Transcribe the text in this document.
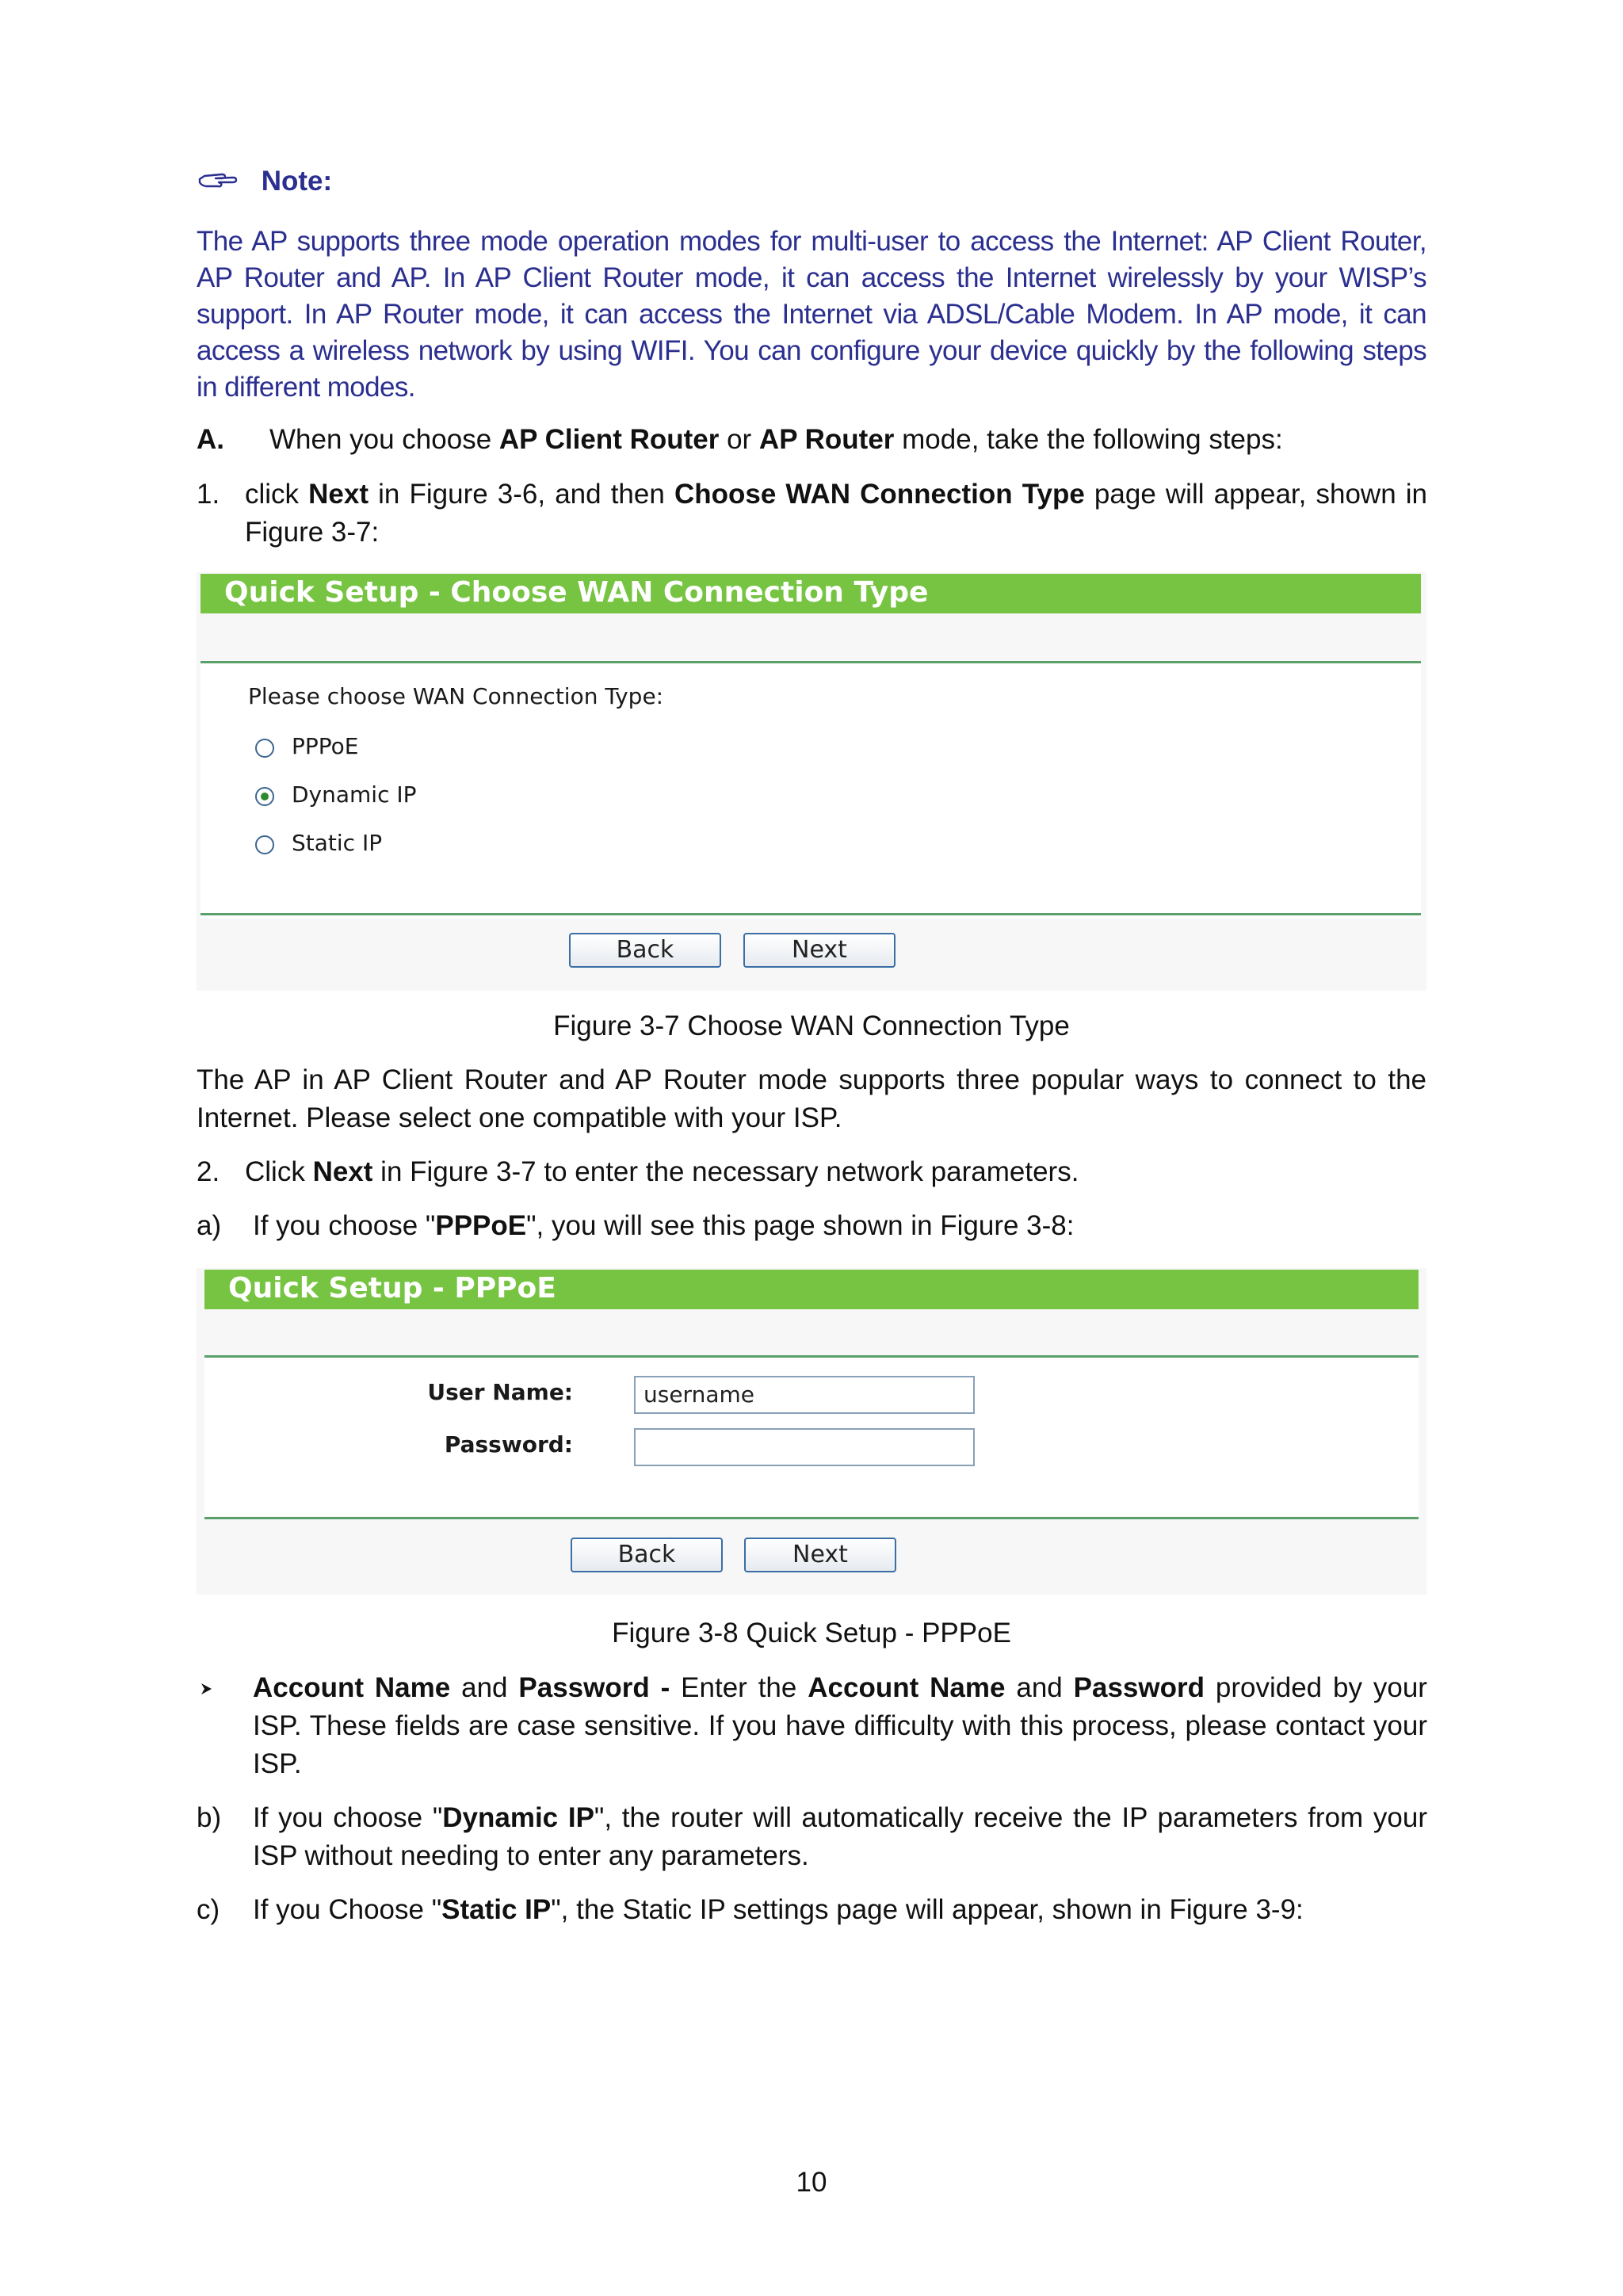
Note:
The AP supports three mode operation modes for multi-user to access the Internet: AP Client Router, AP Router and AP. In AP Client Router mode, it can access the Internet wirelessly by your WISP’s support. In AP Router mode, it can access the Internet via ADSL/Cable Modem. In AP mode, it can access a wireless network by using WIFI. You can configure your device quickly by the following steps in different modes.
A. When you choose AP Client Router or AP Router mode, take the following steps:
1. click Next in Figure 3-6, and then Choose WAN Connection Type page will appear, shown in Figure 3-7:
Quick Setup - Choose WAN Connection Type
Please choose WAN Connection Type:
PPPoE
Dynamic IP
Static IP
Back	Next
Figure 3-7 Choose WAN Connection Type
The AP in AP Client Router and AP Router mode supports three popular ways to connect to the Internet. Please select one compatible with your ISP.
2. Click Next in Figure 3-7 to enter the necessary network parameters.
a) If you choose "PPPoE", you will see this page shown in Figure 3-8:
Quick Setup - PPPoE
User Name:	username
Password:
Back	Next
Figure 3-8 Quick Setup - PPPoE
Account Name and Password - Enter the Account Name and Password provided by your ISP. These fields are case sensitive. If you have difficulty with this process, please contact your ISP.
b) If you choose "Dynamic IP", the router will automatically receive the IP parameters from your ISP without needing to enter any parameters.
c) If you Choose "Static IP", the Static IP settings page will appear, shown in Figure 3-9:
10
